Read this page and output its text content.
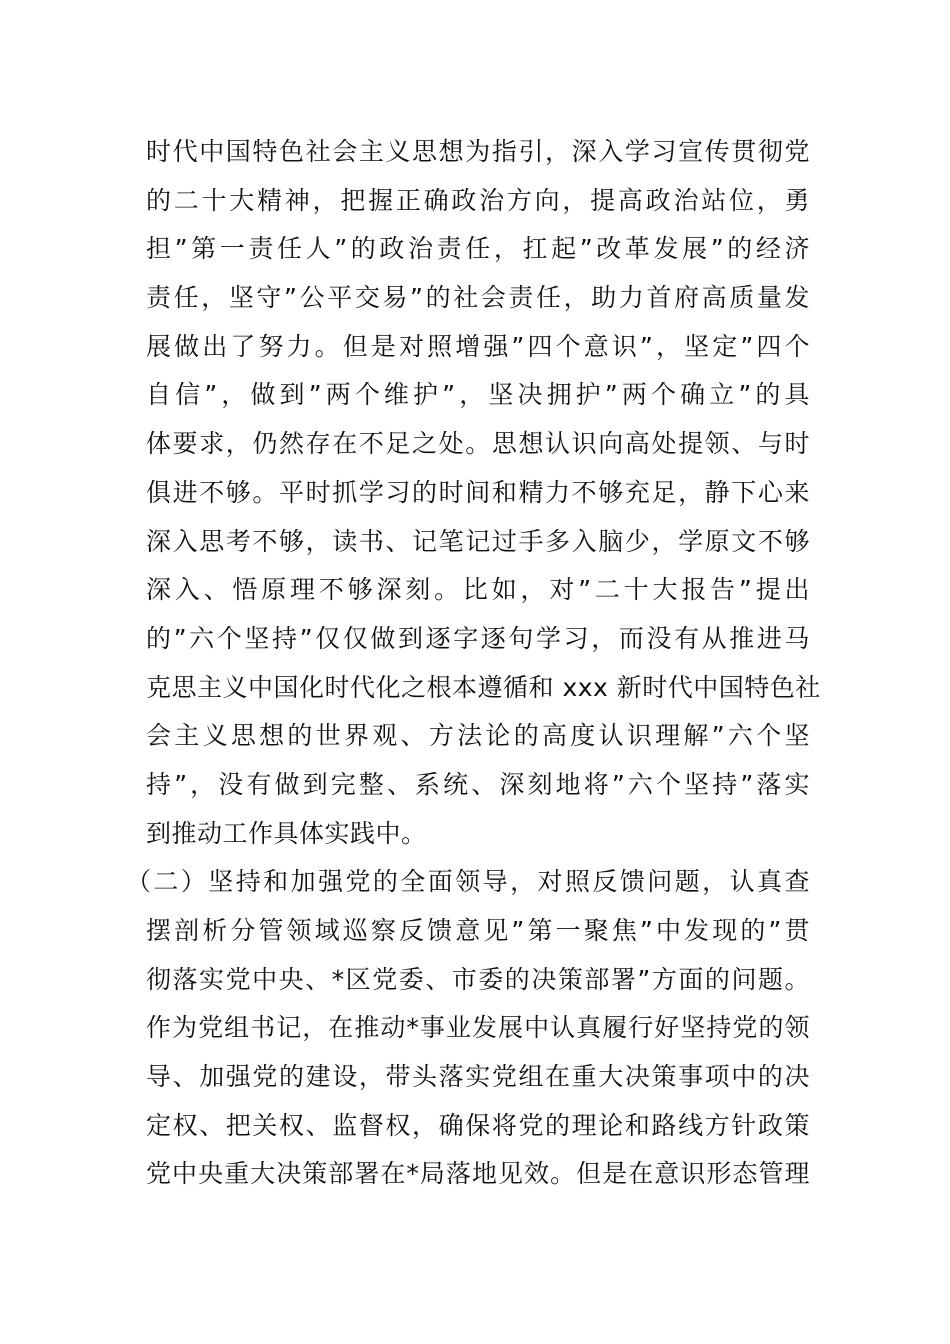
时代中国特色社会主义思想为指引，深入学习宣传贯彻党
的二十大精神，把握正确政治方向，提高政治站位，勇
担”第一责任人”的政治责任，扛起”改革发展”的经济
责任，坚守”公平交易”的社会责任，助力首府高质量发
展做出了努力。但是对照增强”四个意识”，坚定”四个
自信”，做到”两个维护”，坚决拥护”两个确立”的具
体要求，仍然存在不足之处。思想认识向高处提领、与时
俱进不够。平时抓学习的时间和精力不够充足，静下心来
深入思考不够，读书、记笔记过手多入脑少，学原文不够
深入、悟原理不够深刻。比如，对”二十大报告”提出
的”六个坚持”仅仅做到逐字逐句学习，而没有从推进马
克思主义中国化时代化之根本遵循和 xxx 新时代中国特色社
会主义思想的世界观、方法论的高度认识理解”六个坚
持”，没有做到完整、系统、深刻地将”六个坚持”落实
到推动工作具体实践中。
（二）坚持和加强党的全面领导，对照反馈问题，认真查
摆剖析分管领域巡察反馈意见”第一聚焦”中发现的”贯
彻落实党中央、*区党委、市委的决策部署”方面的问题。
作为党组书记，在推动*事业发展中认真履行好坚持党的领
导、加强党的建设，带头落实党组在重大决策事项中的决
定权、把关权、监督权，确保将党的理论和路线方针政策
党中央重大决策部署在*局落地见效。但是在意识形态管理
